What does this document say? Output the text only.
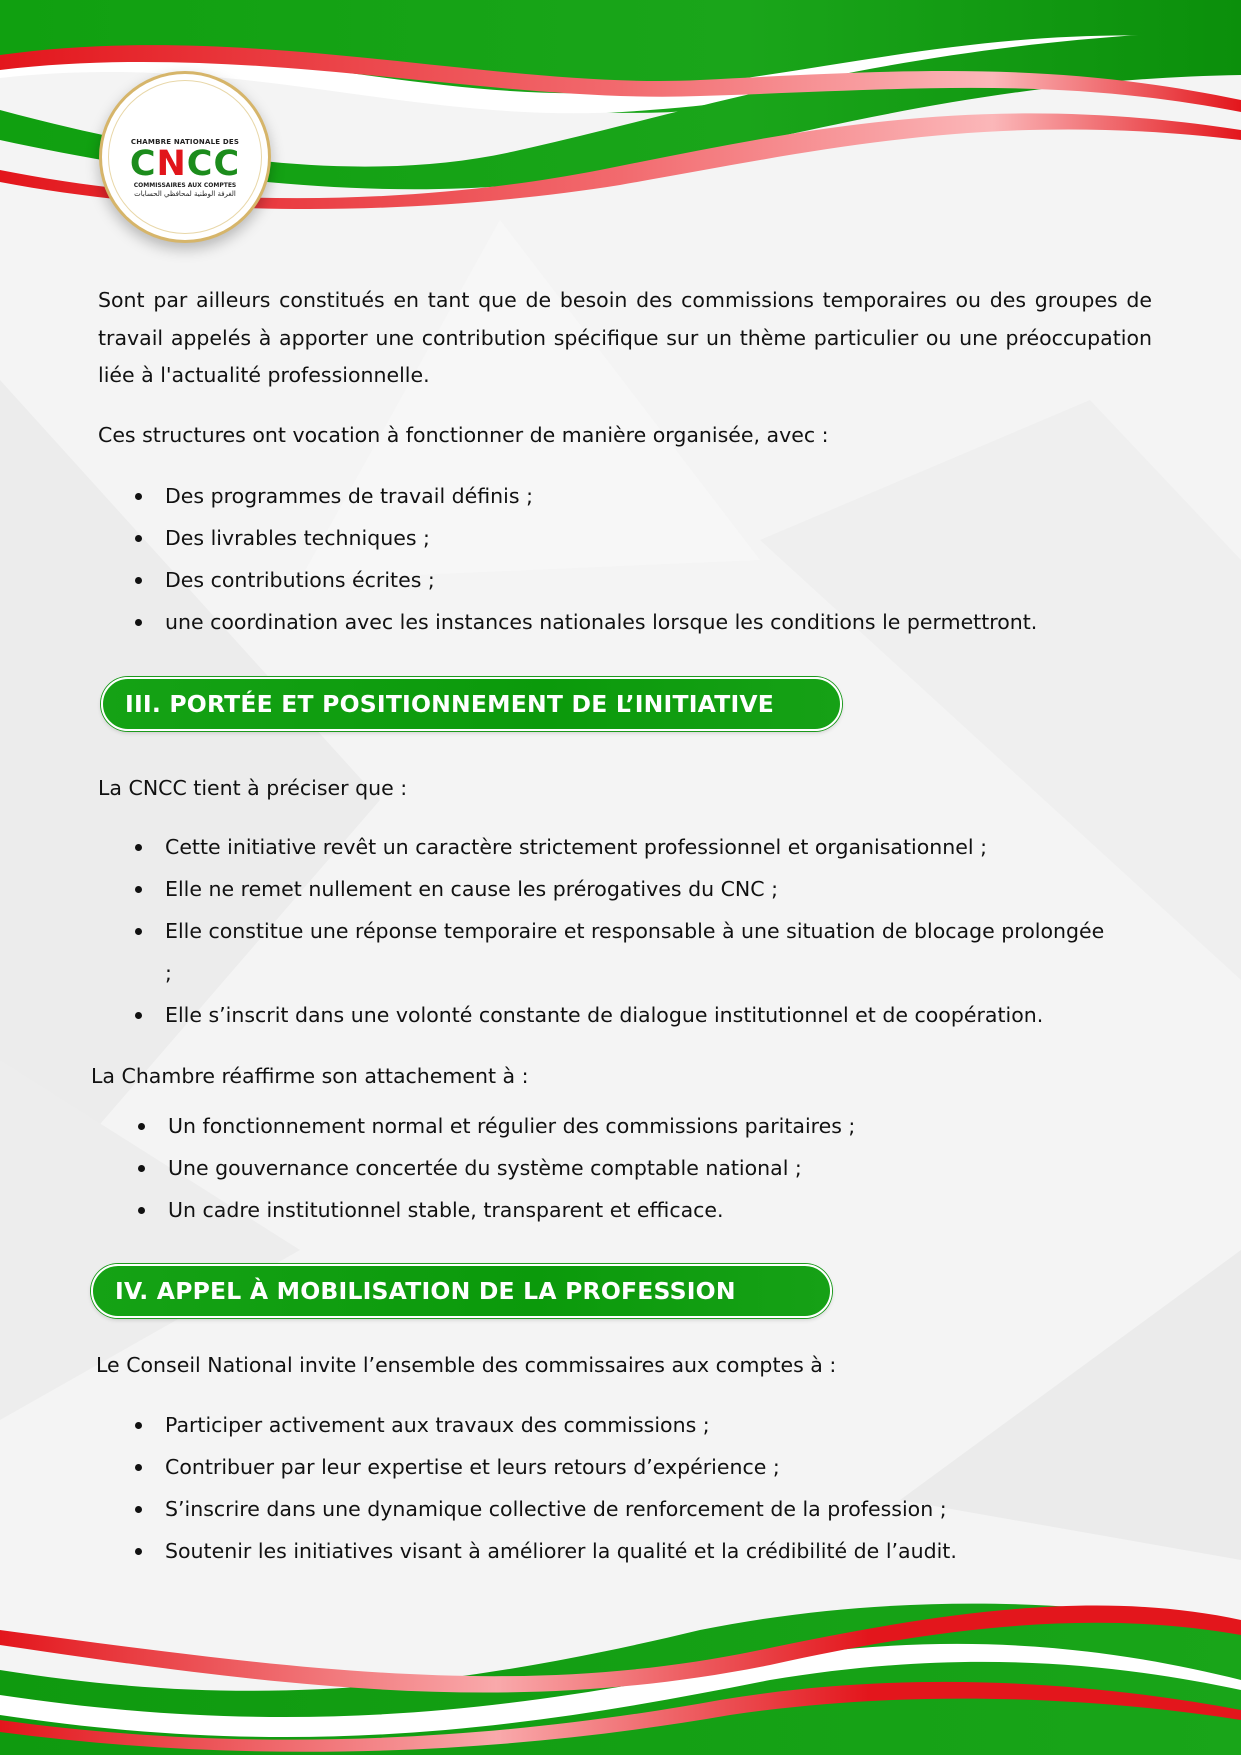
CHAMBRE NATIONALE DES
CNCC
COMMISSAIRES AUX COMPTES
الغرفة الوطنية لمحافظي الحسابات

Sont par ailleurs constitués en tant que de besoin des commissions temporaires ou des groupes de travail appelés à apporter une contribution spécifique sur un thème particulier ou une préoccupation liée à l'actualité professionnelle.

Ces structures ont vocation à fonctionner de manière organisée, avec :

Des programmes de travail définis ;
Des livrables techniques ;
Des contributions écrites ;
une coordination avec les instances nationales lorsque les conditions le permettront.
III. PORTÉE ET POSITIONNEMENT DE L’INITIATIVE

La CNCC tient à préciser que :

Cette initiative revêt un caractère strictement professionnel et organisationnel ;
Elle ne remet nullement en cause les prérogatives du CNC ;
Elle constitue une réponse temporaire et responsable à une situation de blocage prolongée ;
Elle s’inscrit dans une volonté constante de dialogue institutionnel et de coopération.

La Chambre réaffirme son attachement à :

Un fonctionnement normal et régulier des commissions paritaires ;
Une gouvernance concertée du système comptable national ;
Un cadre institutionnel stable, transparent et efficace.
IV. APPEL À MOBILISATION DE LA PROFESSION

Le Conseil National invite l’ensemble des commissaires aux comptes à :

Participer activement aux travaux des commissions ;
Contribuer par leur expertise et leurs retours d’expérience ;
S’inscrire dans une dynamique collective de renforcement de la profession ;
Soutenir les initiatives visant à améliorer la qualité et la crédibilité de l’audit.
